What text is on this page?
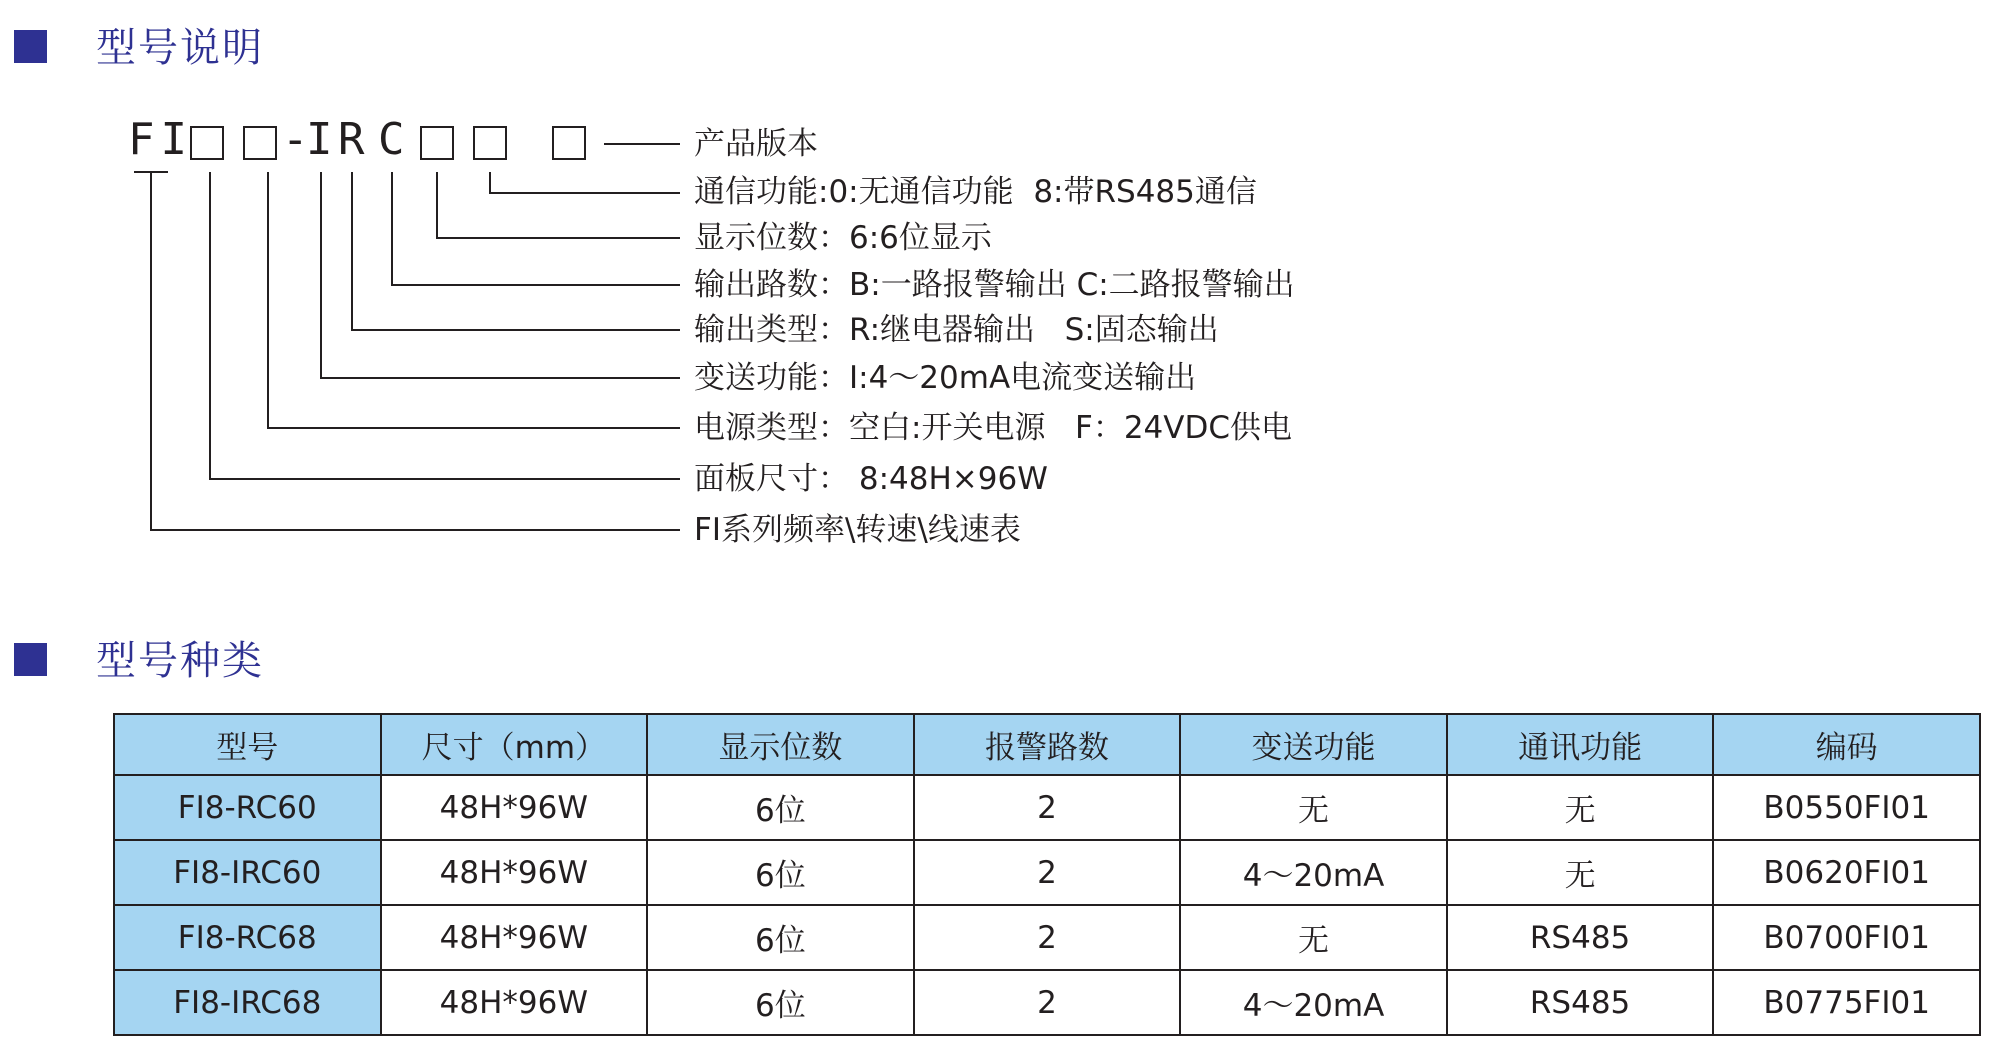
型号说明
FI -
I R C	产品版本
通信功能:0:无通信功能  8:带RS485通信
显示位数：6:6位显示
输出路数：B:一路报警输出 C:二路报警输出
输出类型：R:继电器输出   S:固态输出
变送功能：I:4～20mA电流变送输出
电源类型：空白:开关电源   F：24VDC供电
面板尺寸： 8:48H×96W
FI系列频率\转速\线速表
型号种类
型号	尺寸（mm）	显示位数	报警路数	变送功能	通讯功能	编码
FI8-RC60	48H*96W	6位	2	无	无	B0550FI01
FI8-IRC60	48H*96W	6位	2	4～20mA	无	B0620FI01
FI8-RC68	48H*96W	6位	2	无	RS485	B0700FI01
FI8-IRC68	48H*96W	6位	2	4～20mA	RS485	B0775FI01
